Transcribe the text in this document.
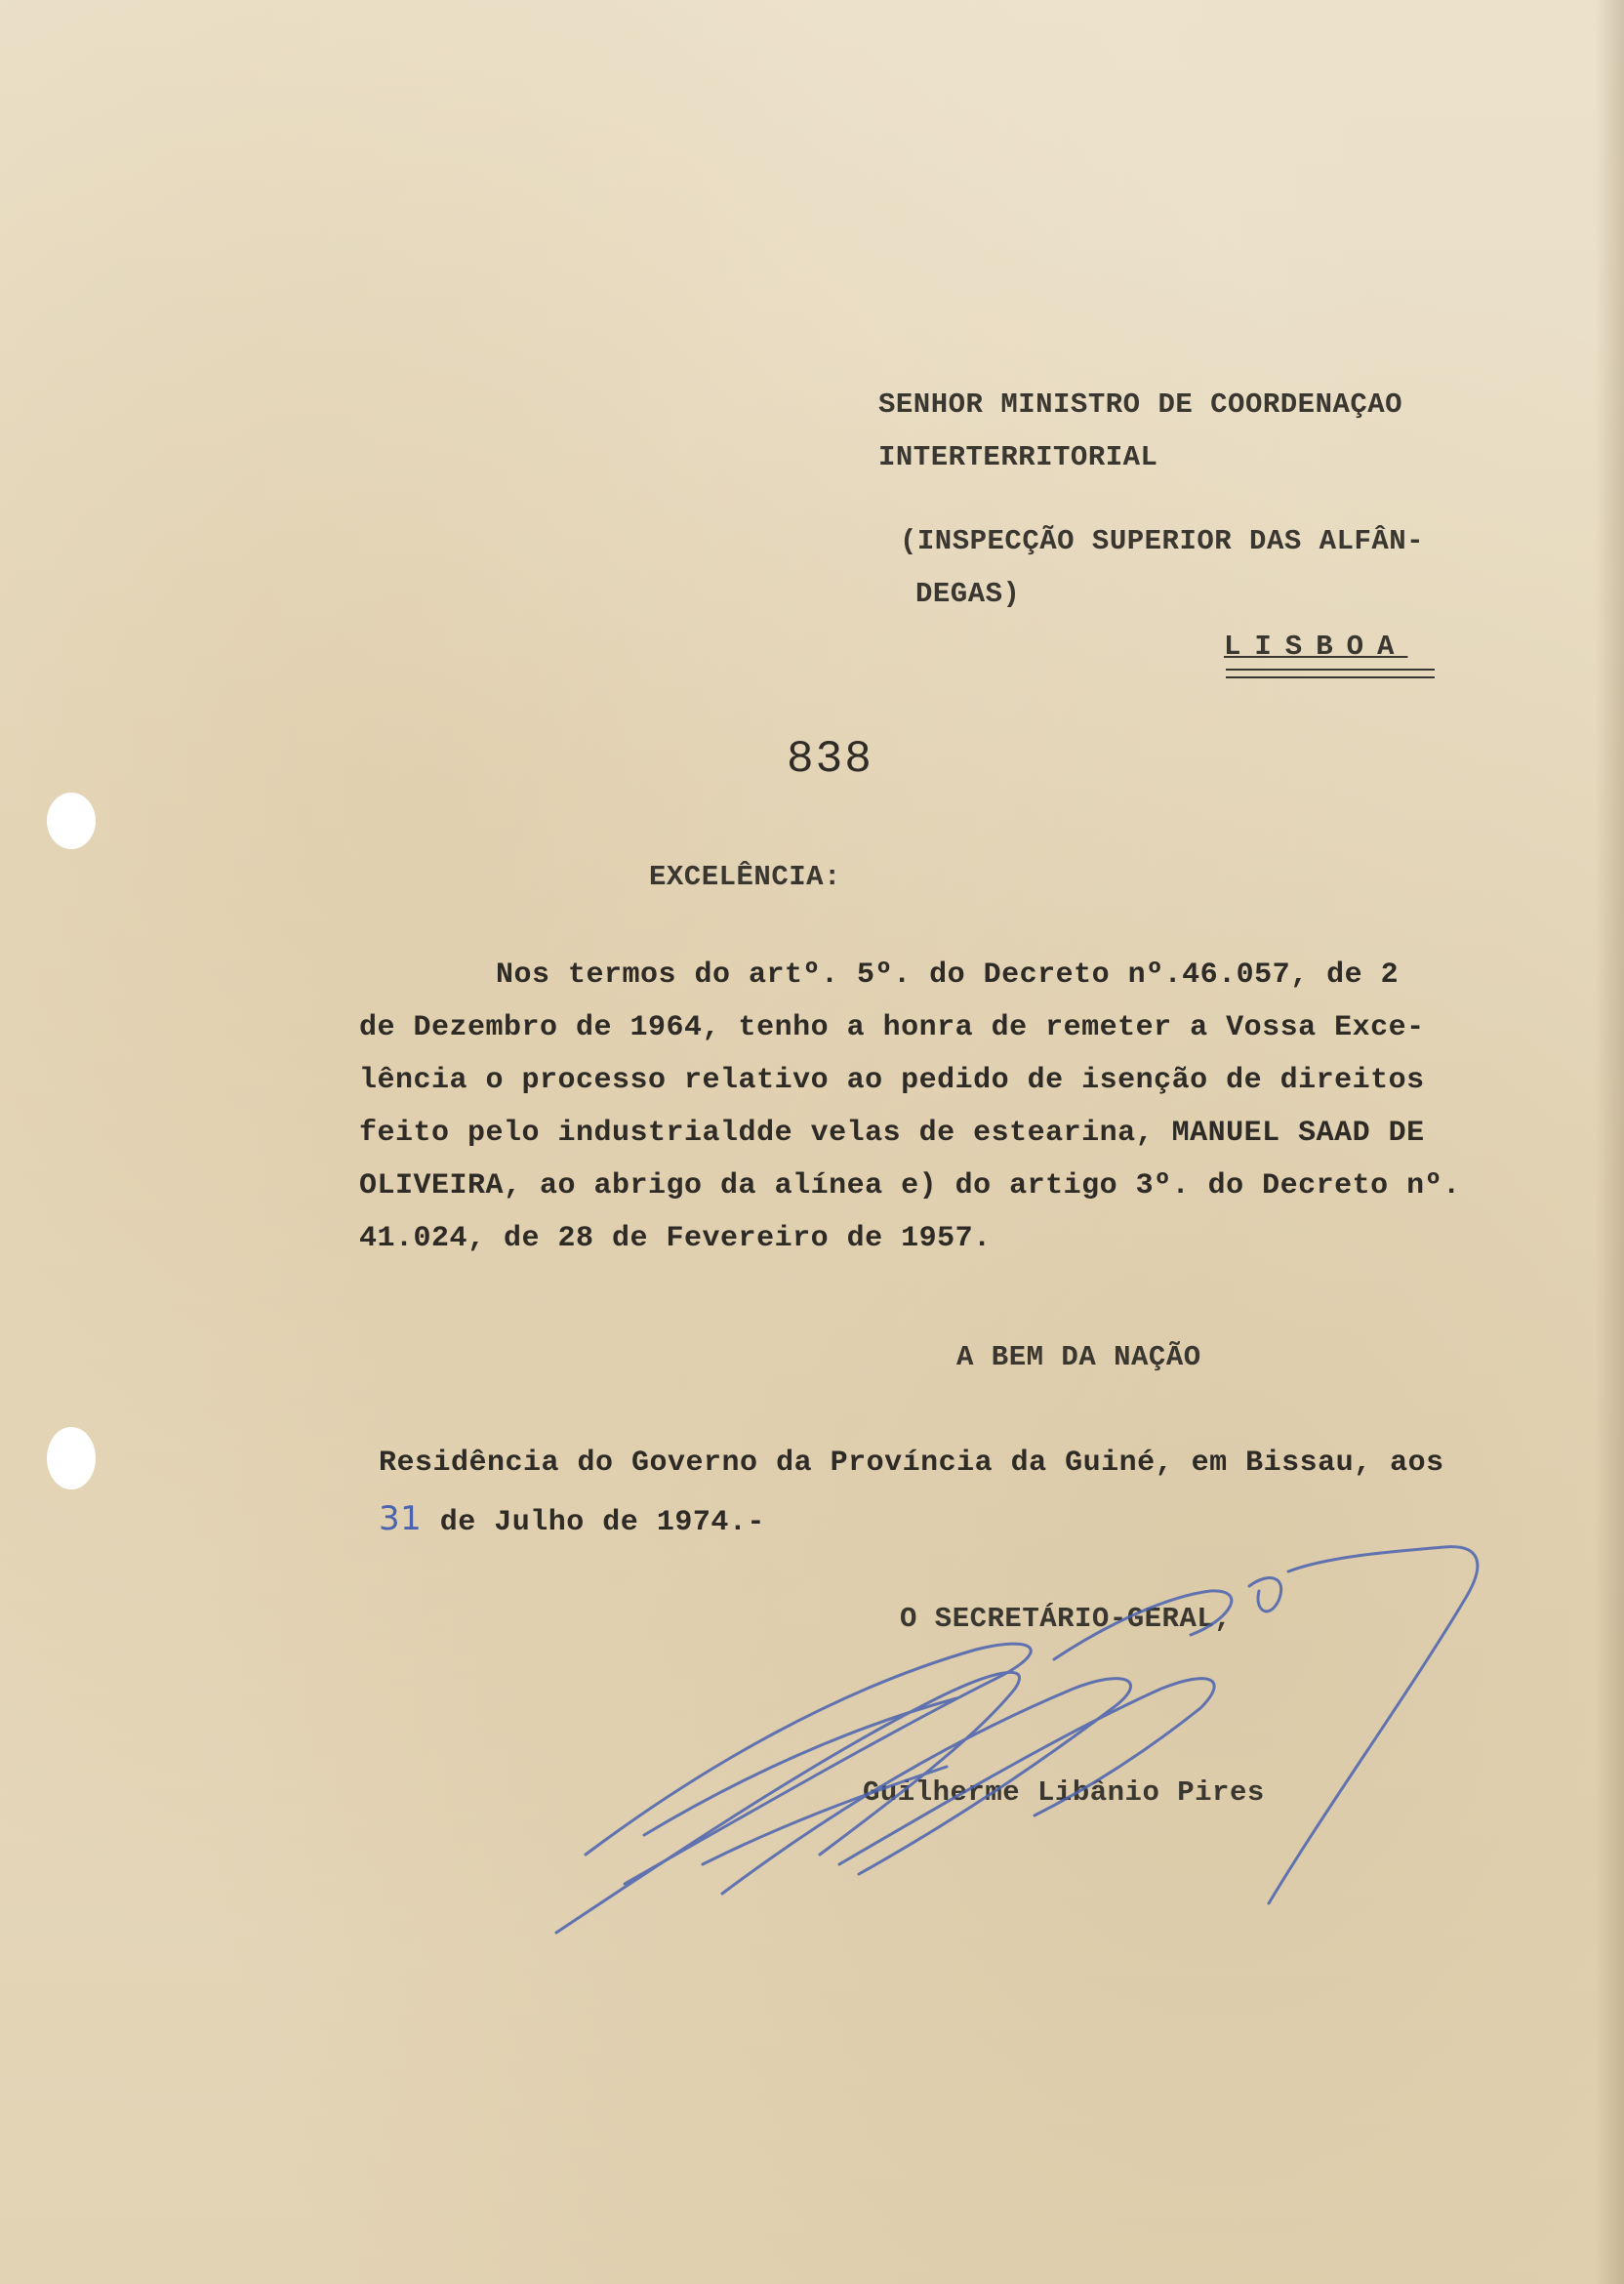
SENHOR MINISTRO DE COORDENAÇAO
INTERTERRITORIAL
(INSPECÇÃO SUPERIOR DAS ALFÂN-
DEGAS)
LISBOA
838
EXCELÊNCIA:
Nos termos do artº. 5º. do Decreto nº.46.057, de 2
de Dezembro de 1964, tenho a honra de remeter a Vossa Exce-
lência o processo relativo ao pedido de isenção de direitos
feito pelo industrialdde velas de estearina, MANUEL SAAD DE
OLIVEIRA, ao abrigo da alínea e) do artigo 3º. do Decreto nº.
41.024, de 28 de Fevereiro de 1957.
A BEM DA NAÇÃO
Residência do Governo da Província da Guiné, em Bissau, aos
31 de Julho de 1974.-
O SECRETÁRIO-GERAL,
Guilherme Libânio Pires
